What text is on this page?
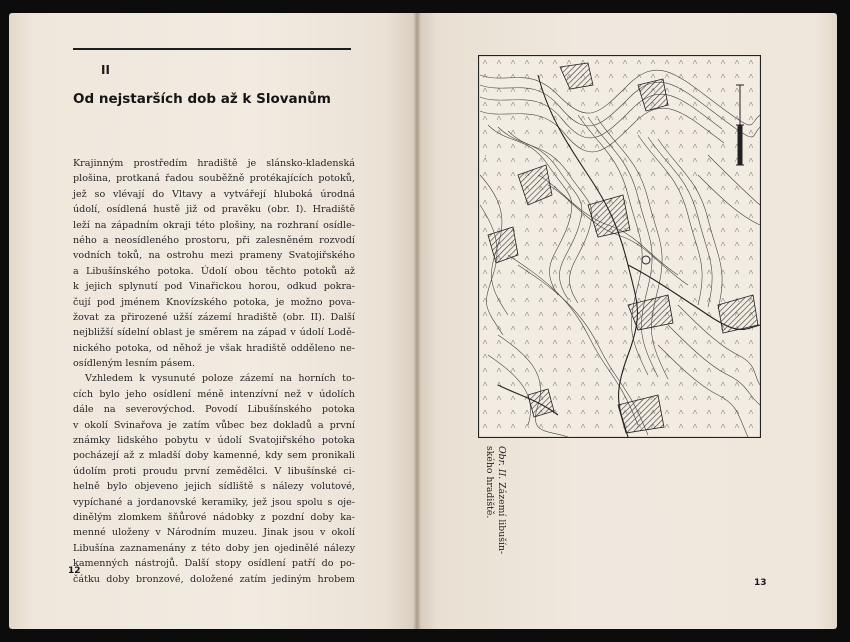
II
Od nejstarších dob až k Slovanům
Krajinným prostředím hradiště je slánsko-kladenská
plošina, protkaná řadou souběžně protékajících potoků,
jež so vlévají do Vltavy a vytvářejí hluboká úrodná
údolí, osídlená hustě již od pravěku (obr. I). Hradiště
leží na západním okraji této plošiny, na rozhraní osídle-
ného a neosídleného prostoru, při zalesněném rozvodí
vodních toků, na ostrohu mezi prameny Svatojiřského
a Libušínského potoka. Údolí obou těchto potoků až
k jejich splynutí pod Vinařickou horou, odkud pokra-
čují pod jménem Knovízského potoka, je možno pova-
žovat za přirozené užší zázemí hradiště (obr. II). Další
nejbližší sídelní oblast je směrem na západ v údolí Lodě-
nického potoka, od něhož je však hradiště odděleno ne-
osídleným lesním pásem.
Vzhledem k vysunuté poloze zázemí na horních to-
cích bylo jeho osídlení méně intenzívní než v údolích
dále na severovýchod. Povodí Libušínského potoka
v okolí Svinařova je zatím vůbec bez dokladů a první
známky lidského pobytu v údolí Svatojiřského potoka
pocházejí až z mladší doby kamenné, kdy sem pronikali
údolím proti proudu první zemědělci. V libušínské ci-
helně bylo objeveno jejich sídliště s nálezy volutové,
vypíchané a jordanovské keramiky, jež jsou spolu s oje-
dinělým zlomkem šňůrové nádobky z pozdní doby ka-
menné uloženy v Národním muzeu. Jinak jsou v okolí
Libušína zaznamenány z této doby jen ojedinělé nálezy
kamenných nástrojů. Další stopy osídlení patří do po-
čátku doby bronzové, doložené zatím jediným hrobem
12
...
Obr. II. Zázemí libušín-
ského hradiště.
13
